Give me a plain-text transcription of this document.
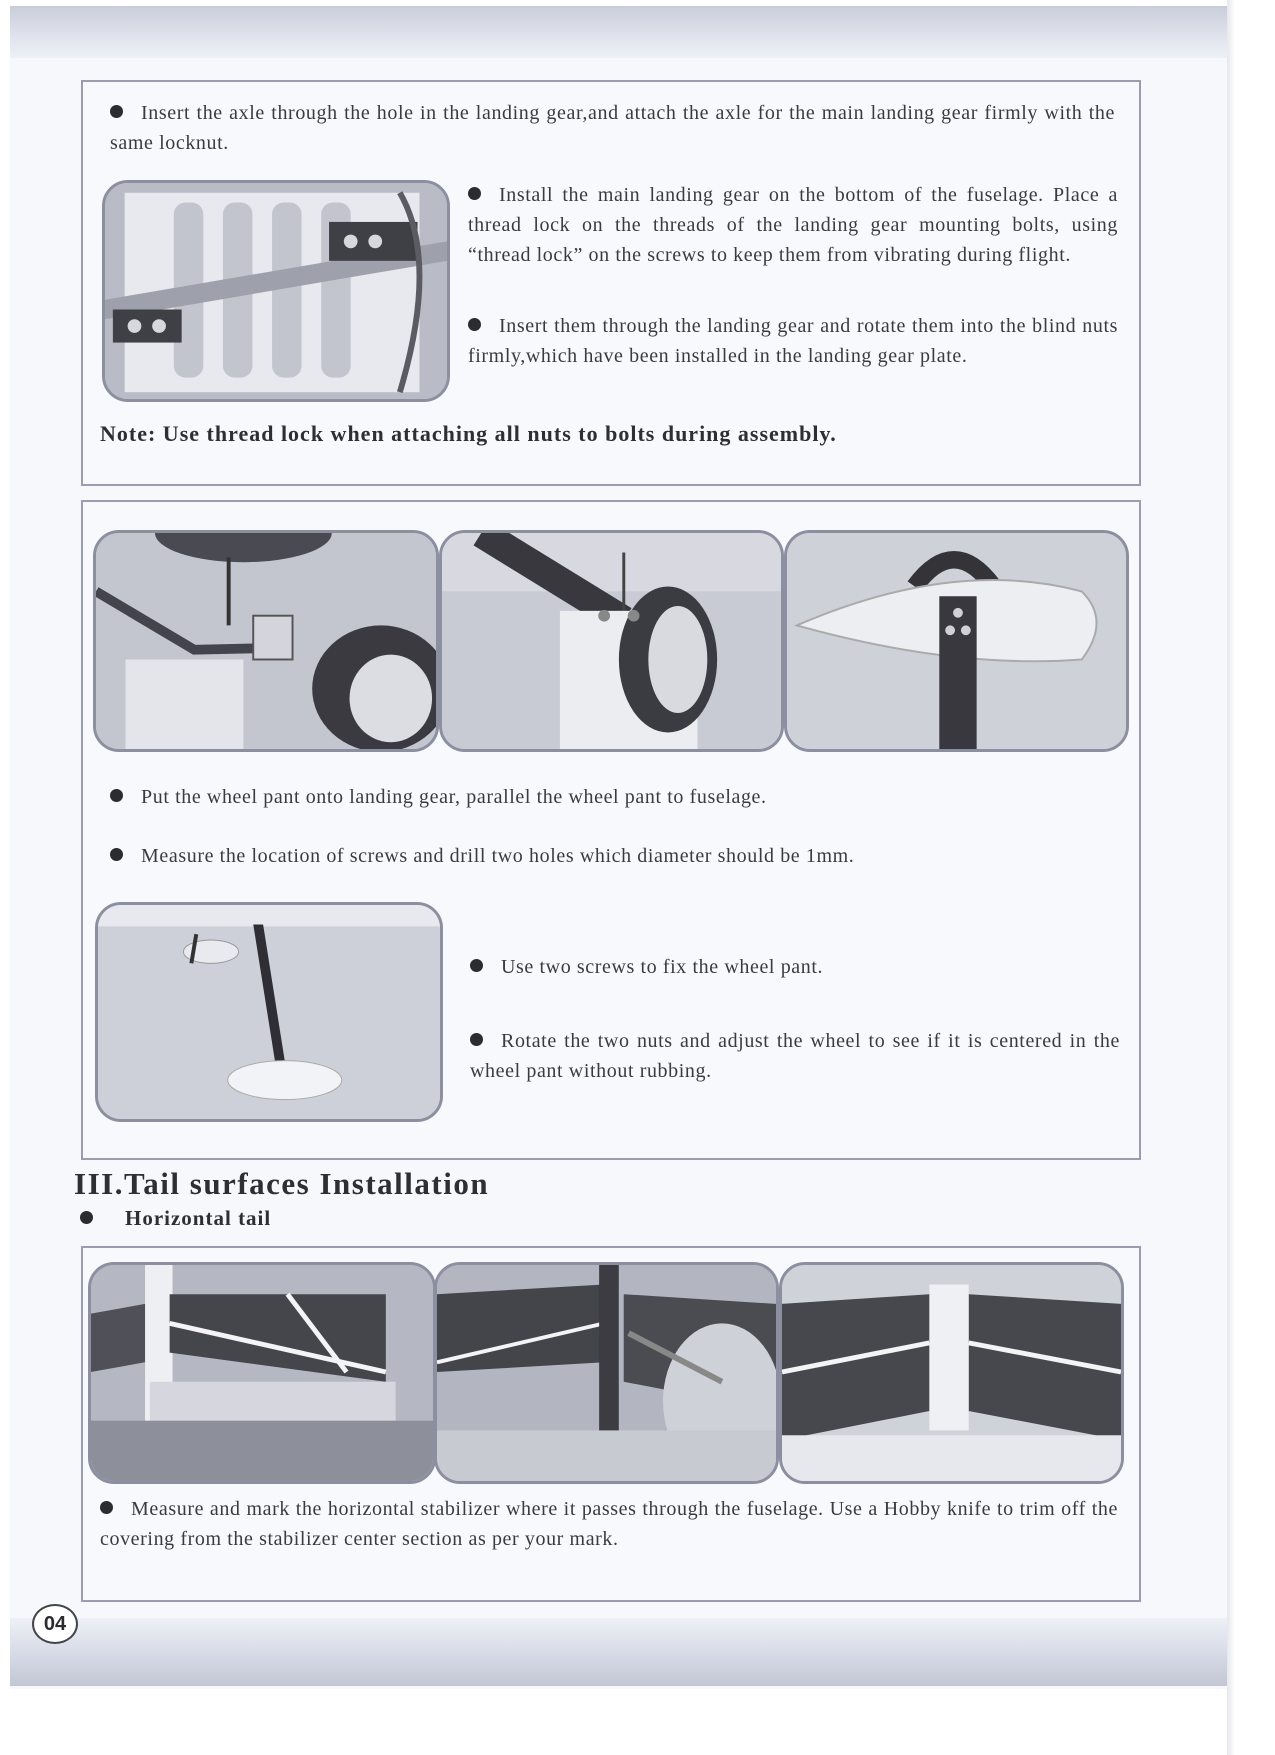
Insert the axle through the hole in the landing gear,and attach the axle for the main landing gear firmly with the same locknut.
Install the main landing gear on the bottom of the fuselage. Place a thread lock on the threads of the landing gear mounting bolts, using “thread lock” on the screws to keep them from vibrating during flight.
Insert them through the landing gear and rotate them into the blind nuts firmly,which have been installed in the landing gear plate.
Note: Use thread lock when attaching all nuts to bolts during assembly.
Put the wheel pant onto landing gear, parallel the wheel pant to fuselage.
Measure the location of screws and drill two holes which diameter should be 1mm.
Use two screws to fix the wheel pant.
Rotate the two nuts and adjust the wheel to see if it is centered in the wheel pant without rubbing.
III.Tail surfaces Installation
Horizontal tail
Measure and mark the horizontal stabilizer where it passes through the fuselage. Use a Hobby knife to trim off the covering from the stabilizer center section as per your mark.
04
